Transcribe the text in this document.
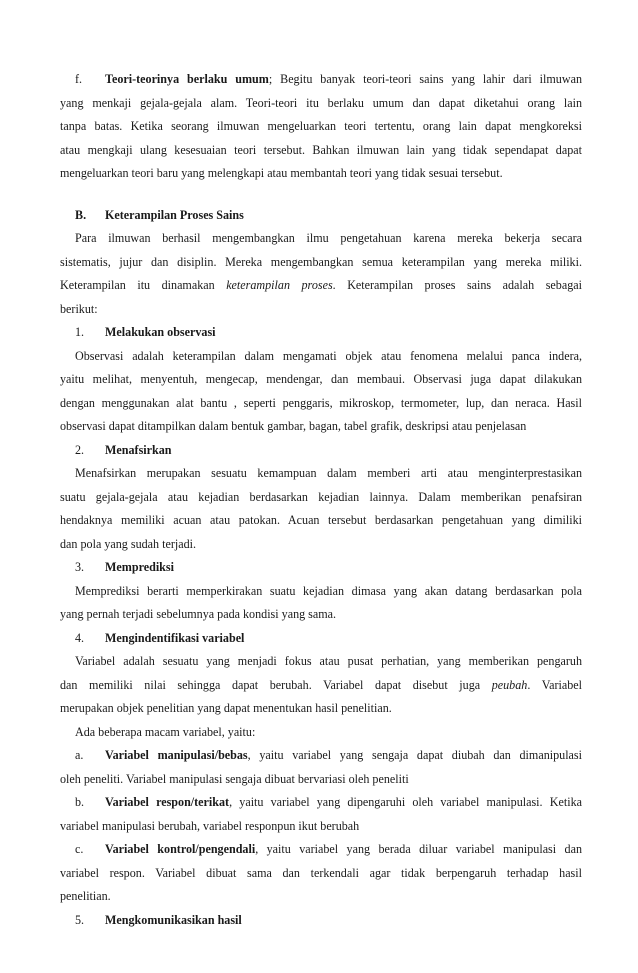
f. Teori-teorinya berlaku umum; Begitu banyak teori-teori sains yang lahir dari ilmuwan
yang menkaji gejala-gejala alam. Teori-teori itu berlaku umum dan dapat diketahui orang lain
tanpa batas. Ketika seorang ilmuwan mengeluarkan teori tertentu, orang lain dapat mengkoreksi
atau mengkaji ulang kesesuaian teori tersebut. Bahkan ilmuwan lain yang tidak sependapat dapat
mengeluarkan teori baru yang melengkapi atau membantah teori yang tidak sesuai tersebut.
B. Keterampilan Proses Sains
Para ilmuwan berhasil mengembangkan ilmu pengetahuan karena mereka bekerja secara
sistematis, jujur dan disiplin. Mereka mengembangkan semua keterampilan yang mereka miliki.
Keterampilan itu dinamakan keterampilan proses. Keterampilan proses sains adalah sebagai
berikut:
1. Melakukan observasi
Observasi adalah keterampilan dalam mengamati objek atau fenomena melalui panca indera,
yaitu melihat, menyentuh, mengecap, mendengar, dan membaui. Observasi juga dapat dilakukan
dengan menggunakan alat bantu , seperti penggaris, mikroskop, termometer, lup, dan neraca. Hasil
observasi dapat ditampilkan dalam bentuk gambar, bagan, tabel grafik, deskripsi atau penjelasan
2. Menafsirkan
Menafsirkan merupakan sesuatu kemampuan dalam memberi arti atau menginterprestasikan
suatu gejala-gejala atau kejadian berdasarkan kejadian lainnya. Dalam memberikan penafsiran
hendaknya memiliki acuan atau patokan. Acuan tersebut berdasarkan pengetahuan yang dimiliki
dan pola yang sudah terjadi.
3. Memprediksi
Memprediksi berarti memperkirakan suatu kejadian dimasa yang akan datang berdasarkan pola
yang pernah terjadi sebelumnya pada kondisi yang sama.
4. Mengindentifikasi variabel
Variabel adalah sesuatu yang menjadi fokus atau pusat perhatian, yang memberikan pengaruh
dan memiliki nilai sehingga dapat berubah. Variabel dapat disebut juga peubah. Variabel
merupakan objek penelitian yang dapat menentukan hasil penelitian.
Ada beberapa macam variabel, yaitu:
a. Variabel manipulasi/bebas, yaitu variabel yang sengaja dapat diubah dan dimanipulasi
oleh peneliti. Variabel manipulasi sengaja dibuat bervariasi oleh peneliti
b. Variabel respon/terikat, yaitu variabel yang dipengaruhi oleh variabel manipulasi. Ketika
variabel manipulasi berubah, variabel responpun ikut berubah
c. Variabel kontrol/pengendali, yaitu variabel yang berada diluar variabel manipulasi dan
variabel respon. Variabel dibuat sama dan terkendali agar tidak berpengaruh terhadap hasil
penelitian.
5. Mengkomunikasikan hasil
